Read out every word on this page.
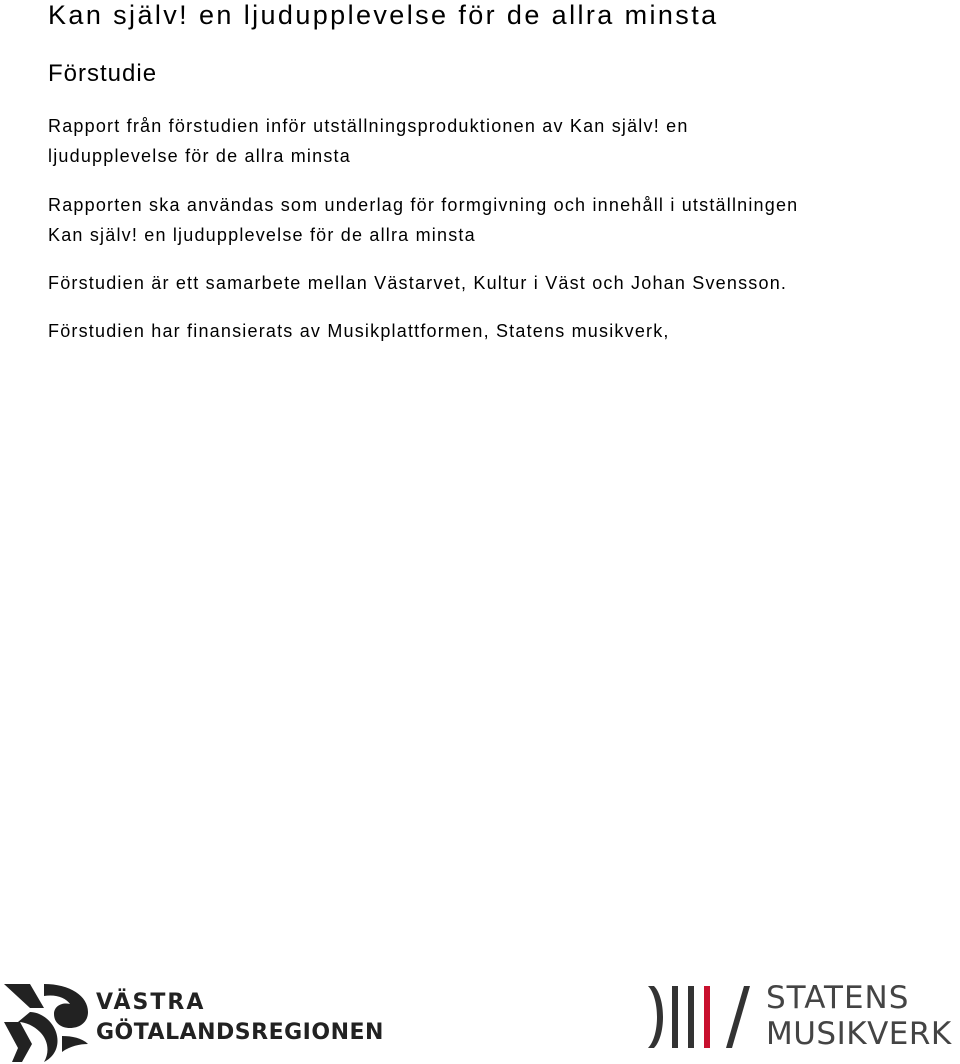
Kan själv! en ljudupplevelse för de allra minsta
Förstudie

Rapport från förstudien inför utställningsproduktionen av Kan själv! en
ljudupplevelse för de allra minsta

Rapporten ska användas som underlag för formgivning och innehåll i utställningen
Kan själv! en ljudupplevelse för de allra minsta

Förstudien är ett samarbete mellan Västarvet, Kultur i Väst och Johan Svensson.

Förstudien har finansierats av Musikplattformen, Statens musikverk,

VÄSTRA
GÖTALANDSREGIONEN
STATENS
MUSIKVERK
